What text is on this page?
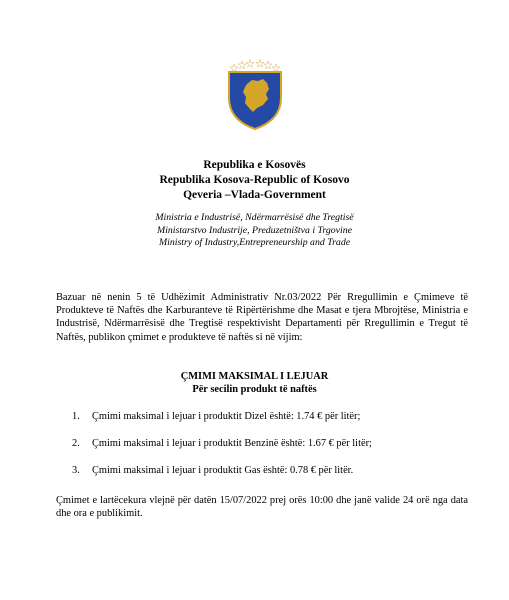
Republika e Kosovës
Republika Kosova-Republic of Kosovo
Qeveria –Vlada-Government
Ministria e Industrisë, Ndërmarrësisë dhe Tregtisë
Ministarstvo Industrije, Preduzetništva i Trgovine
Ministry of Industry,Entrepreneurship and Trade
Bazuar në nenin 5 të Udhëzimit Administrativ Nr.03/2022 Për Rregullimin e Çmimeve të Produkteve të Naftës dhe Karburanteve të Ripërtërishme dhe Masat e tjera Mbrojtëse, Ministria e Industrisë, Ndërmarrësisë dhe Tregtisë respektivisht Departamenti për Rregullimin e Tregut të Naftës, publikon çmimet e produkteve të naftës si në vijim:
ÇMIMI MAKSIMAL I LEJUAR
Për secilin produkt të naftës
1. Çmimi maksimal i lejuar i produktit Dizel është: 1.74 € për litër;
2. Çmimi maksimal i lejuar i produktit Benzinë është: 1.67 € për litër;
3. Çmimi maksimal i lejuar i produktit Gas është: 0.78 € për litër.
Çmimet e lartëcekura vlejnë për datën 15/07/2022 prej orës 10:00 dhe janë valide 24 orë nga data dhe ora e publikimit.
